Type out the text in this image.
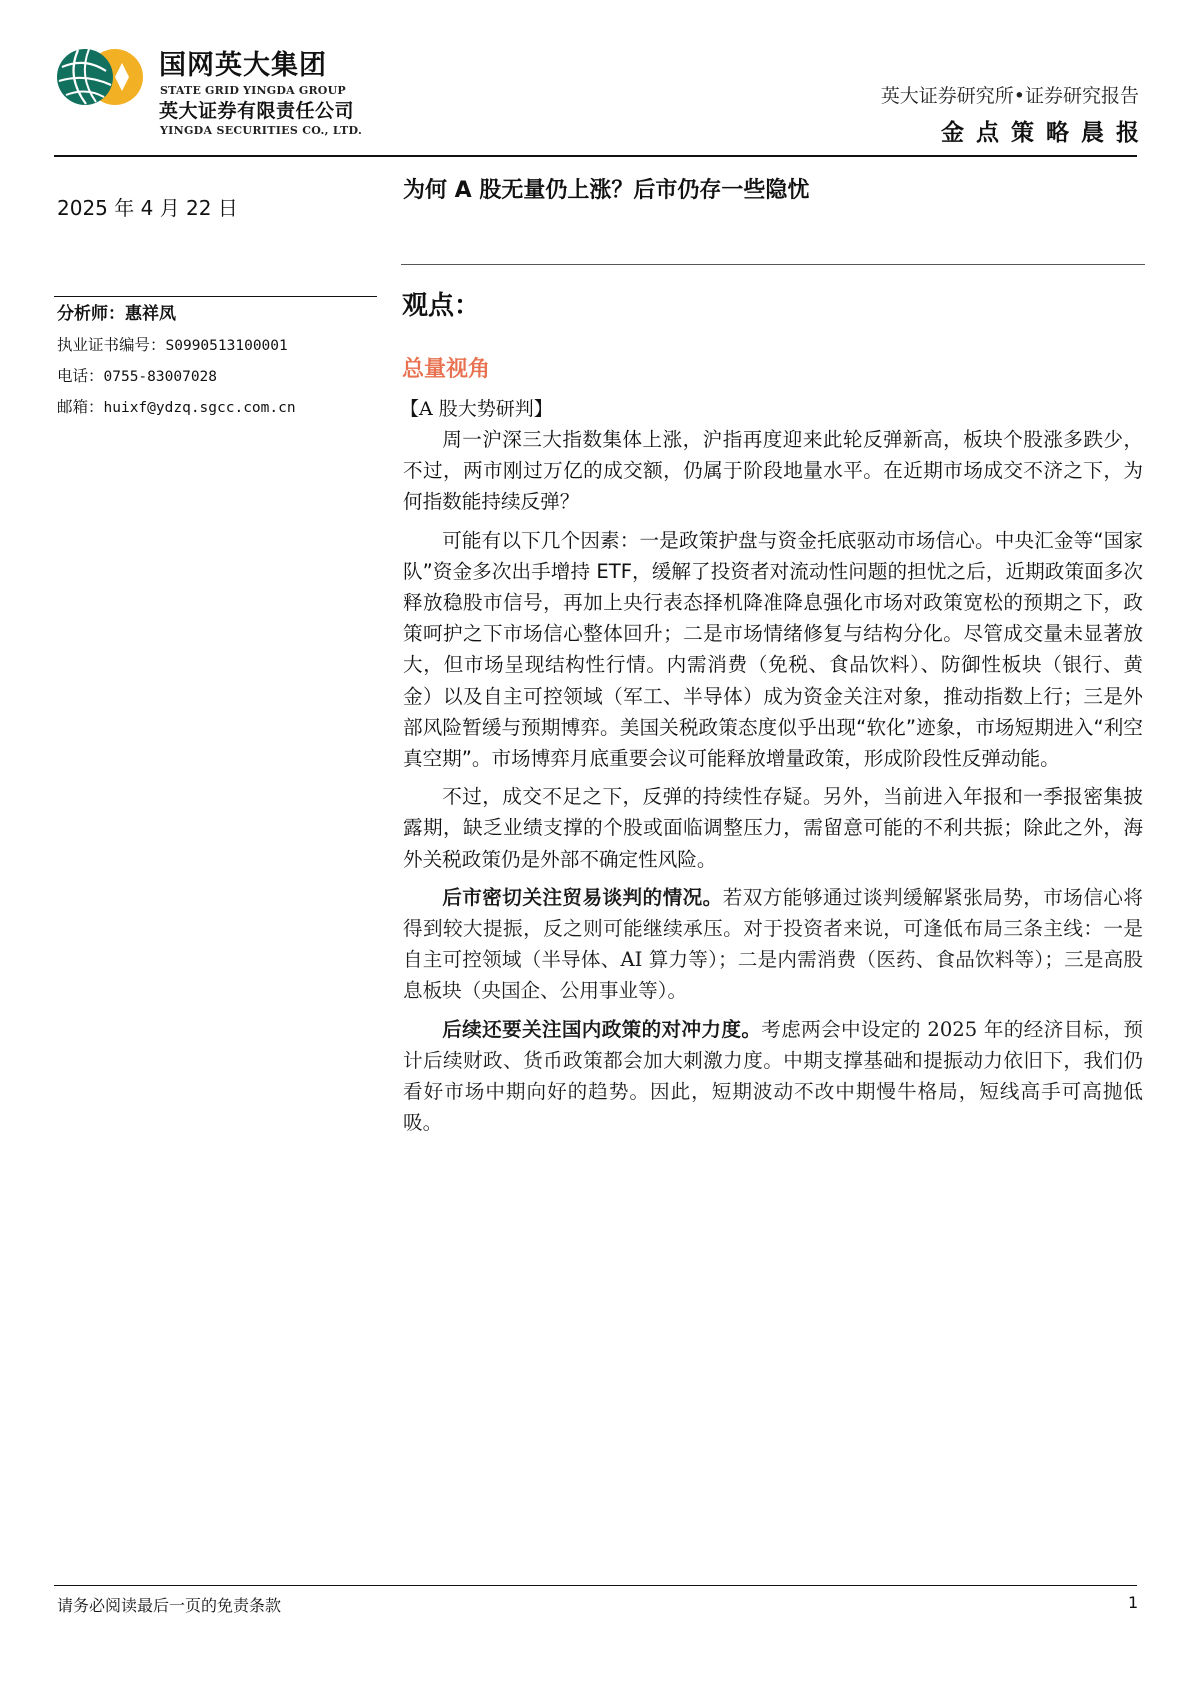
国网英大集团
STATE GRID YINGDA GROUP
英大证券有限责任公司
YINGDA SECURITIES CO., LTD.
英大证券研究所•证券研究报告
金点策略晨报
2025 年 4 月 22 日
分析师：惠祥凤
执业证书编号：S0990513100001
电话：0755-83007028
邮箱：huixf@ydzq.sgcc.com.cn
为何 A 股无量仍上涨？后市仍存一些隐忧
观点：
总量视角
【A 股大势研判】

周一沪深三大指数集体上涨，沪指再度迎来此轮反弹新高，板块个股涨多跌少，不过，两市刚过万亿的成交额，仍属于阶段地量水平。在近期市场成交不济之下，为何指数能持续反弹？

可能有以下几个因素：一是政策护盘与资金托底驱动市场信心。中央汇金等“国家队”资金多次出手增持 ETF，缓解了投资者对流动性问题的担忧之后，近期政策面多次释放稳股市信号，再加上央行表态择机降准降息强化市场对政策宽松的预期之下，政策呵护之下市场信心整体回升；二是市场情绪修复与结构分化。尽管成交量未显著放大，但市场呈现结构性行情。内需消费（免税、食品饮料）、防御性板块（银行、黄金）以及自主可控领域（军工、半导体）成为资金关注对象，推动指数上行；三是外部风险暂缓与预期博弈。美国关税政策态度似乎出现“软化”迹象，市场短期进入“利空真空期”。市场博弈月底重要会议可能释放增量政策，形成阶段性反弹动能。

不过，成交不足之下，反弹的持续性存疑。另外，当前进入年报和一季报密集披露期，缺乏业绩支撑的个股或面临调整压力，需留意可能的不利共振；除此之外，海外关税政策仍是外部不确定性风险。

后市密切关注贸易谈判的情况。若双方能够通过谈判缓解紧张局势，市场信心将得到较大提振，反之则可能继续承压。对于投资者来说，可逢低布局三条主线：一是自主可控领域（半导体、AI 算力等）；二是内需消费（医药、食品饮料等）；三是高股息板块（央国企、公用事业等）。

后续还要关注国内政策的对冲力度。考虑两会中设定的 2025 年的经济目标，预计后续财政、货币政策都会加大刺激力度。中期支撑基础和提振动力依旧下，我们仍看好市场中期向好的趋势。因此，短期波动不改中期慢牛格局，短线高手可高抛低吸。

请务必阅读最后一页的免责条款	1
